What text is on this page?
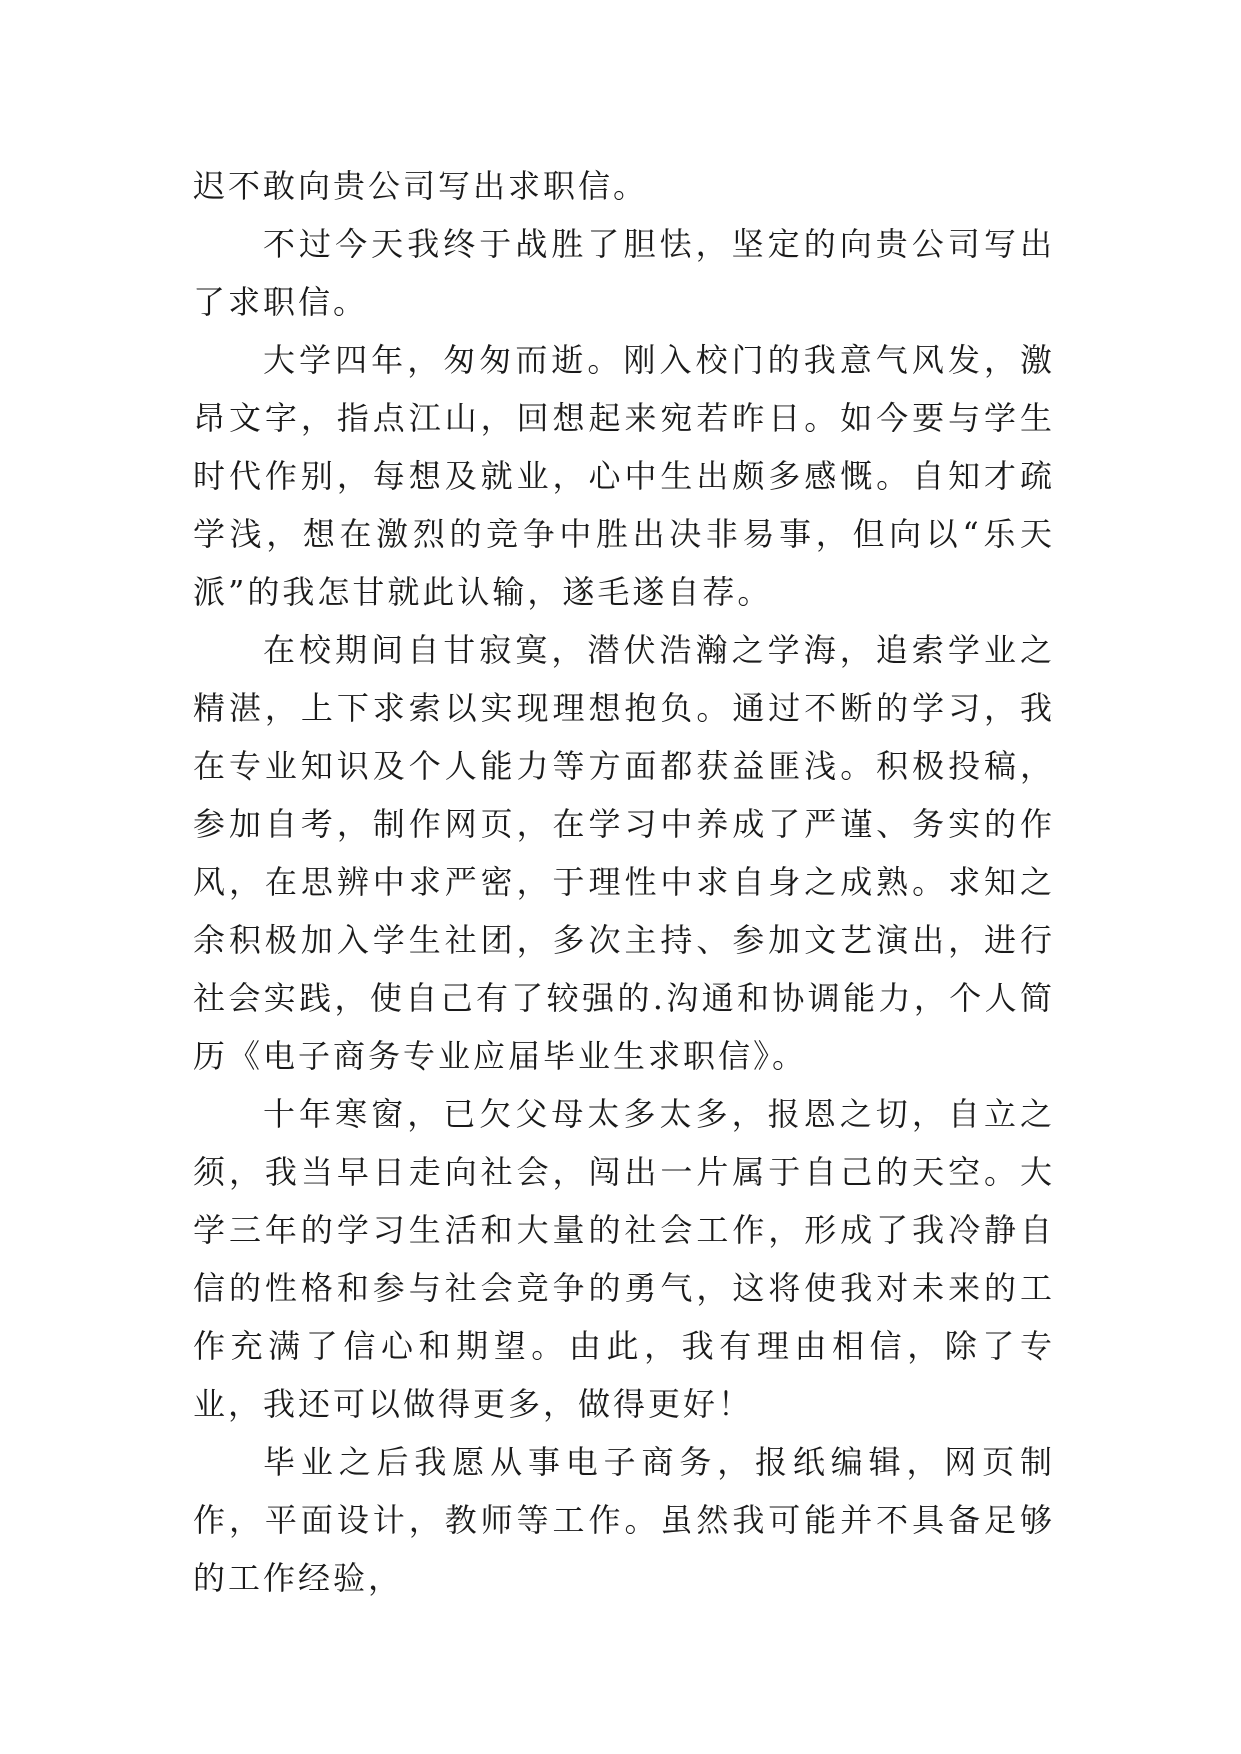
迟不敢向贵公司写出求职信。

不过今天我终于战胜了胆怯，坚定的向贵公司写出了求职信。

大学四年，匆匆而逝。刚入校门的我意气风发，激昂文字，指点江山，回想起来宛若昨日。如今要与学生时代作别，每想及就业，心中生出颇多感慨。自知才疏学浅，想在激烈的竞争中胜出决非易事，但向以“乐天派”的我怎甘就此认输，遂毛遂自荐。

在校期间自甘寂寞，潜伏浩瀚之学海，追索学业之精湛，上下求索以实现理想抱负。通过不断的学习，我在专业知识及个人能力等方面都获益匪浅。积极投稿，参加自考，制作网页，在学习中养成了严谨、务实的作风，在思辨中求严密，于理性中求自身之成熟。求知之余积极加入学生社团，多次主持、参加文艺演出，进行社会实践，使自己有了较强的.沟通和协调能力，个人简历《电子商务专业应届毕业生求职信》。

十年寒窗，已欠父母太多太多，报恩之切，自立之须，我当早日走向社会，闯出一片属于自己的天空。大学三年的学习生活和大量的社会工作，形成了我冷静自信的性格和参与社会竞争的勇气，这将使我对未来的工作充满了信心和期望。由此，我有理由相信，除了专业，我还可以做得更多，做得更好！

毕业之后我愿从事电子商务，报纸编辑，网页制作，平面设计，教师等工作。虽然我可能并不具备足够的工作经验，
